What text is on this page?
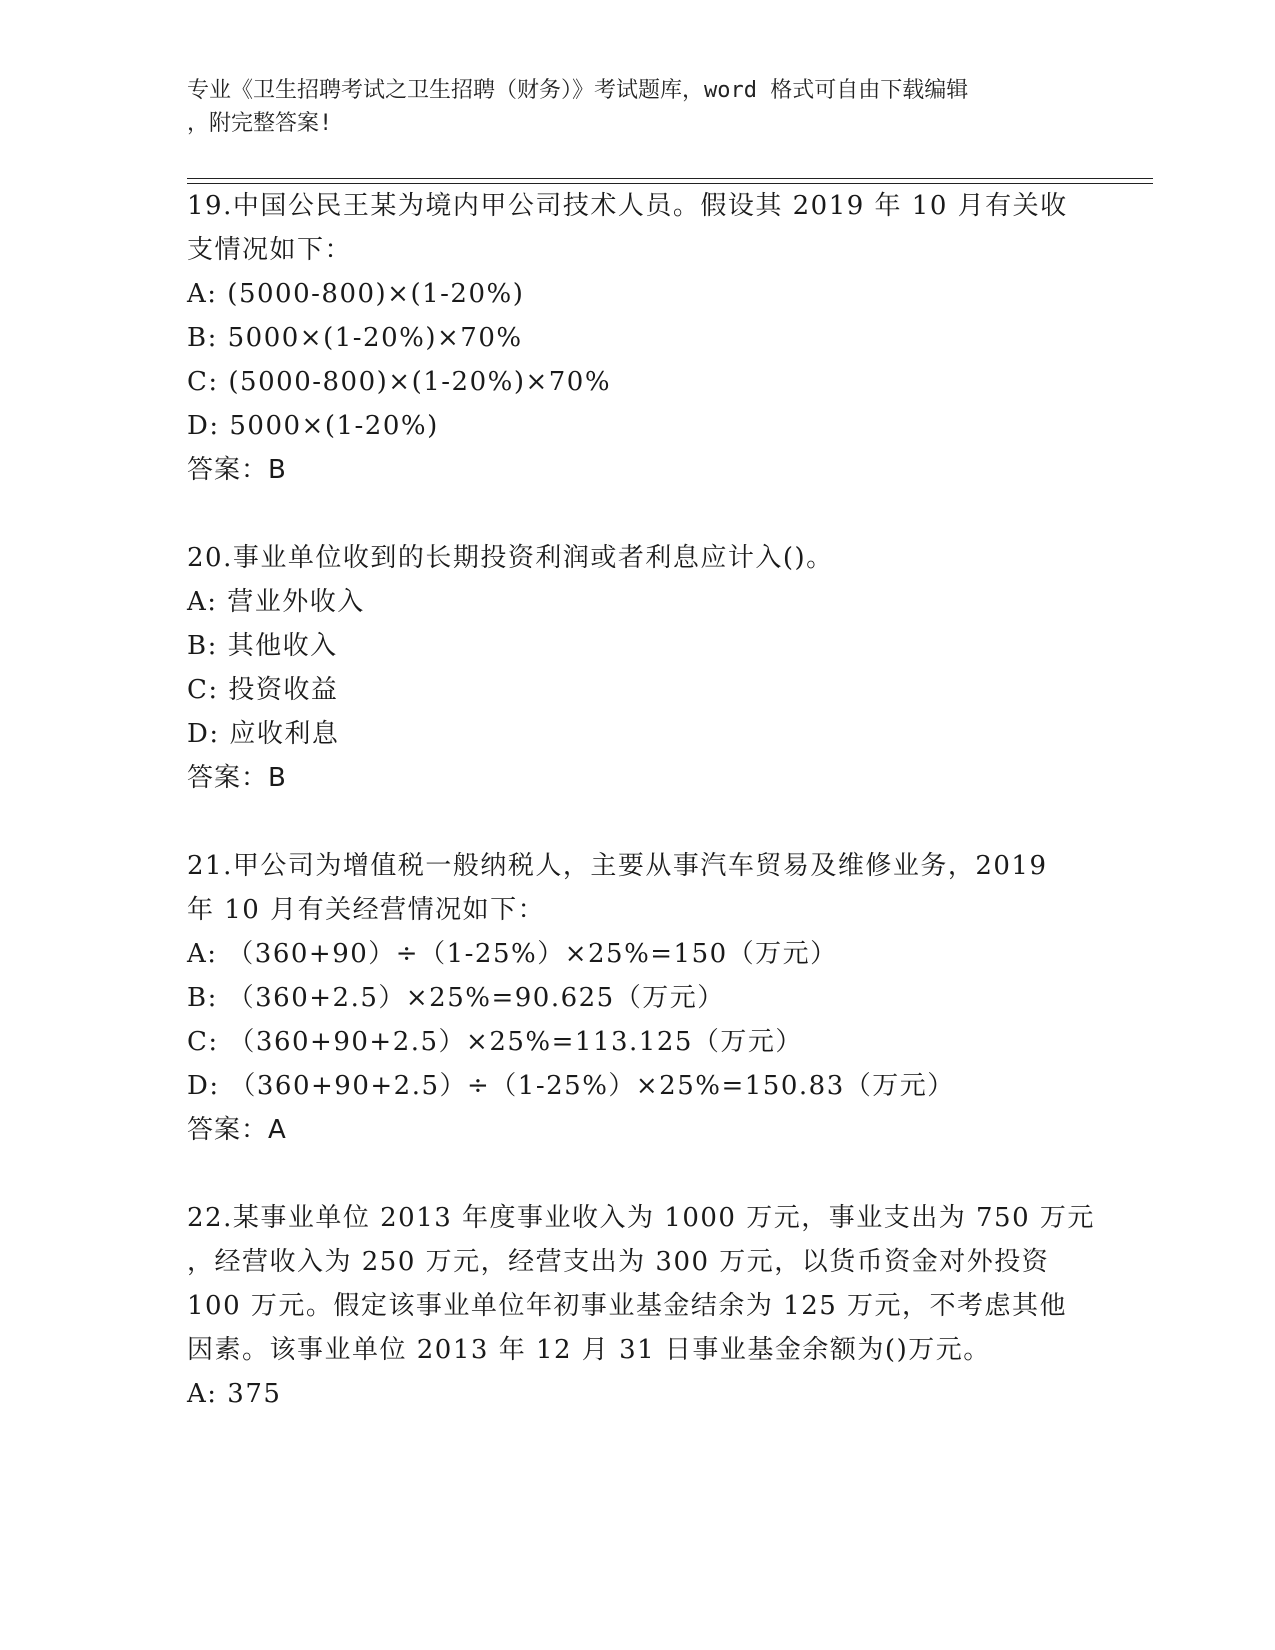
专业《卫生招聘考试之卫生招聘（财务）》考试题库，word 格式可自由下载编辑
，附完整答案!
19.中国公民王某为境内甲公司技术人员。假设其 2019 年 10 月有关收
支情况如下：
A: (5000-800)×(1-20%)
B: 5000×(1-20%)×70%
C: (5000-800)×(1-20%)×70%
D: 5000×(1-20%)
答案：B
20.事业单位收到的长期投资利润或者利息应计入()。
A: 营业外收入
B: 其他收入
C: 投资收益
D: 应收利息
答案：B
21.甲公司为增值税一般纳税人，主要从事汽车贸易及维修业务，2019
年 10 月有关经营情况如下：
A: （360+90）÷（1-25%）×25%=150（万元）
B: （360+2.5）×25%=90.625（万元）
C: （360+90+2.5）×25%=113.125（万元）
D: （360+90+2.5）÷（1-25%）×25%=150.83（万元）
答案：A
22.某事业单位 2013 年度事业收入为 1000 万元，事业支出为 750 万元
，经营收入为 250 万元，经营支出为 300 万元，以货币资金对外投资
100 万元。假定该事业单位年初事业基金结余为 125 万元，不考虑其他
因素。该事业单位 2013 年 12 月 31 日事业基金余额为()万元。
A: 375
